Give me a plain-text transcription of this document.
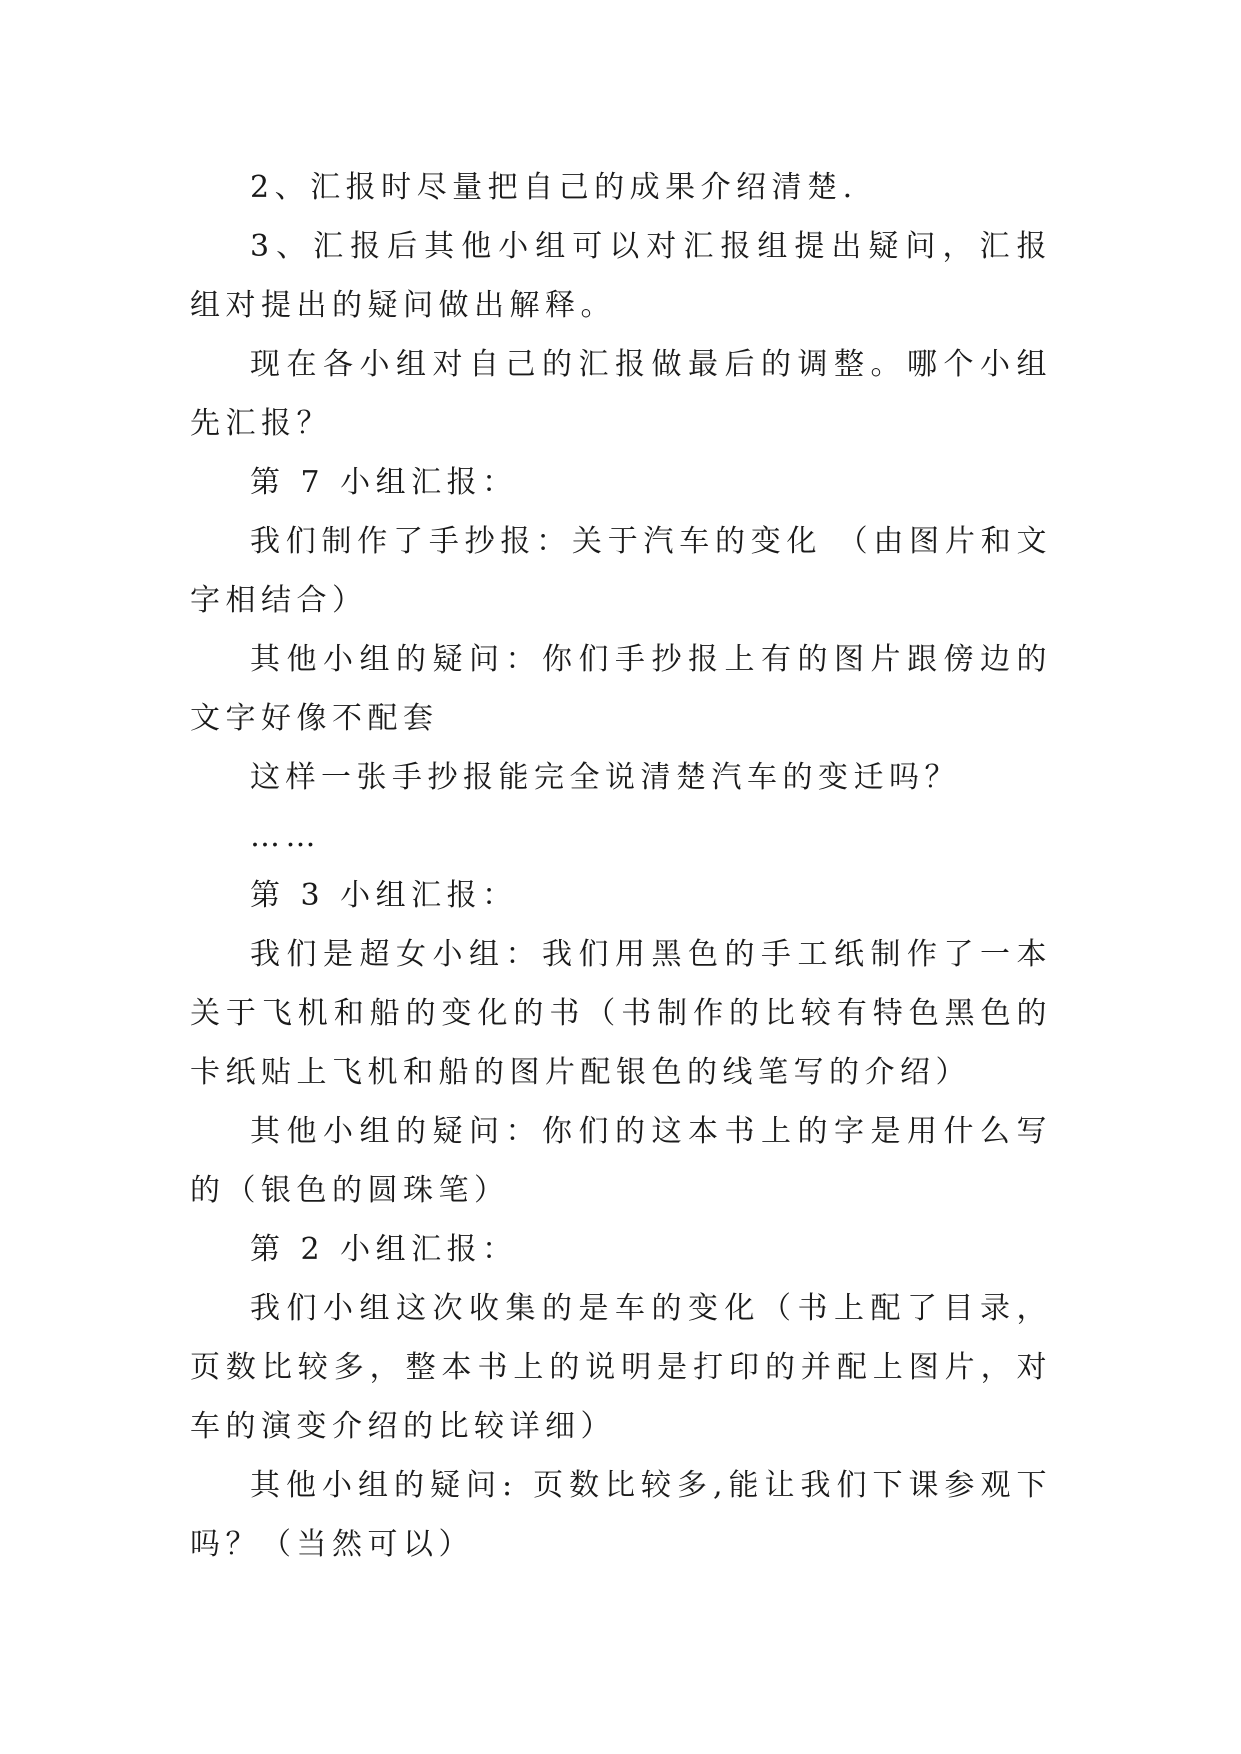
2、汇报时尽量把自己的成果介绍清楚.

3、汇报后其他小组可以对汇报组提出疑问，汇报组对提出的疑问做出解释。

现在各小组对自己的汇报做最后的调整。哪个小组先汇报？

第 7 小组汇报：

我们制作了手抄报：关于汽车的变化 （由图片和文字相结合）

其他小组的疑问：你们手抄报上有的图片跟傍边的文字好像不配套

这样一张手抄报能完全说清楚汽车的变迁吗？

……

第 3 小组汇报：

我们是超女小组：我们用黑色的手工纸制作了一本关于飞机和船的变化的书（书制作的比较有特色黑色的卡纸贴上飞机和船的图片配银色的线笔写的介绍）

其他小组的疑问：你们的这本书上的字是用什么写的（银色的圆珠笔）

第 2 小组汇报：

我们小组这次收集的是车的变化（书上配了目录，页数比较多，整本书上的说明是打印的并配上图片，对车的演变介绍的比较详细）

其他小组的疑问: 页数比较多,能让我们下课参观下吗？（当然可以）
